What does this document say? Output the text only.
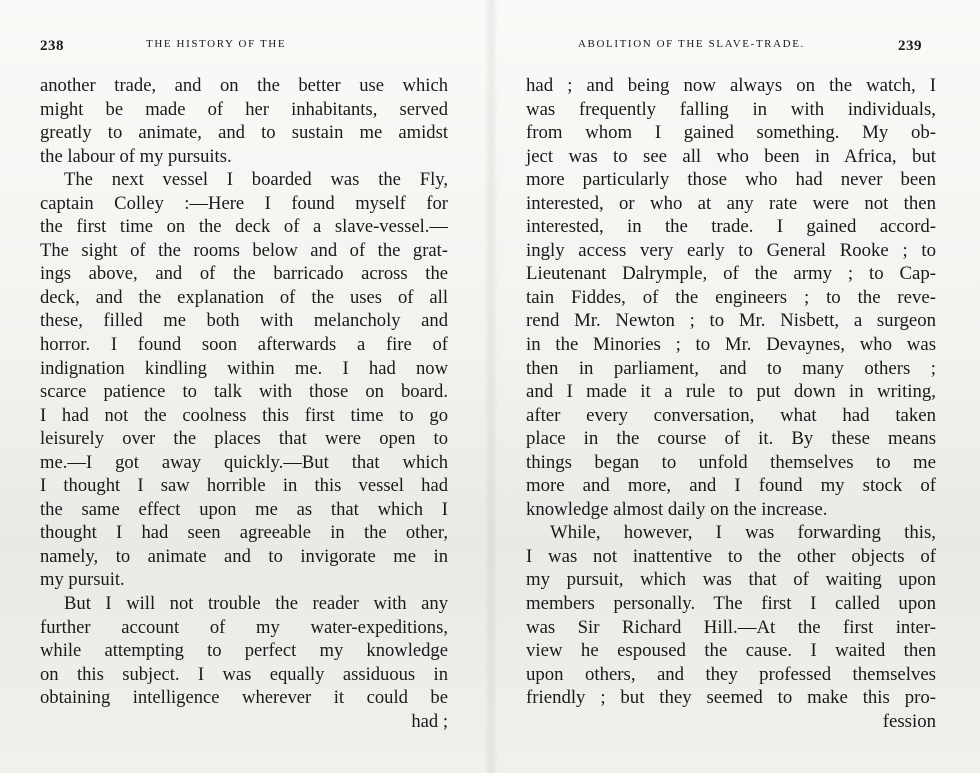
238	THE HISTORY OF THE
another trade, and on the better use which
might be made of her inhabitants, served
greatly to animate, and to sustain me amidst
the labour of my pursuits.
The next vessel I boarded was the Fly,
captain Colley :—Here I found myself for
the first time on the deck of a slave-vessel.—
The sight of the rooms below and of the grat-
ings above, and of the barricado across the
deck, and the explanation of the uses of all
these, filled me both with melancholy and
horror. I found soon afterwards a fire of
indignation kindling within me. I had now
scarce patience to talk with those on board.
I had not the coolness this first time to go
leisurely over the places that were open to
me.—I got away quickly.—But that which
I thought I saw horrible in this vessel had
the same effect upon me as that which I
thought I had seen agreeable in the other,
namely, to animate and to invigorate me in
my pursuit.
But I will not trouble the reader with any
further account of my water-expeditions,
while attempting to perfect my knowledge
on this subject. I was equally assiduous in
obtaining intelligence wherever it could be
had ;
ABOLITION OF THE SLAVE-TRADE.	239
had ; and being now always on the watch, I
was frequently falling in with individuals,
from whom I gained something. My ob-
ject was to see all who been in Africa, but
more particularly those who had never been
interested, or who at any rate were not then
interested, in the trade. I gained accord-
ingly access very early to General Rooke ; to
Lieutenant Dalrymple, of the army ; to Cap-
tain Fiddes, of the engineers ; to the reve-
rend Mr. Newton ; to Mr. Nisbett, a surgeon
in the Minories ; to Mr. Devaynes, who was
then in parliament, and to many others ;
and I made it a rule to put down in writing,
after every conversation, what had taken
place in the course of it. By these means
things began to unfold themselves to me
more and more, and I found my stock of
knowledge almost daily on the increase.
While, however, I was forwarding this,
I was not inattentive to the other objects of
my pursuit, which was that of waiting upon
members personally. The first I called upon
was Sir Richard Hill.—At the first inter-
view he espoused the cause. I waited then
upon others, and they professed themselves
friendly ; but they seemed to make this pro-
fession
